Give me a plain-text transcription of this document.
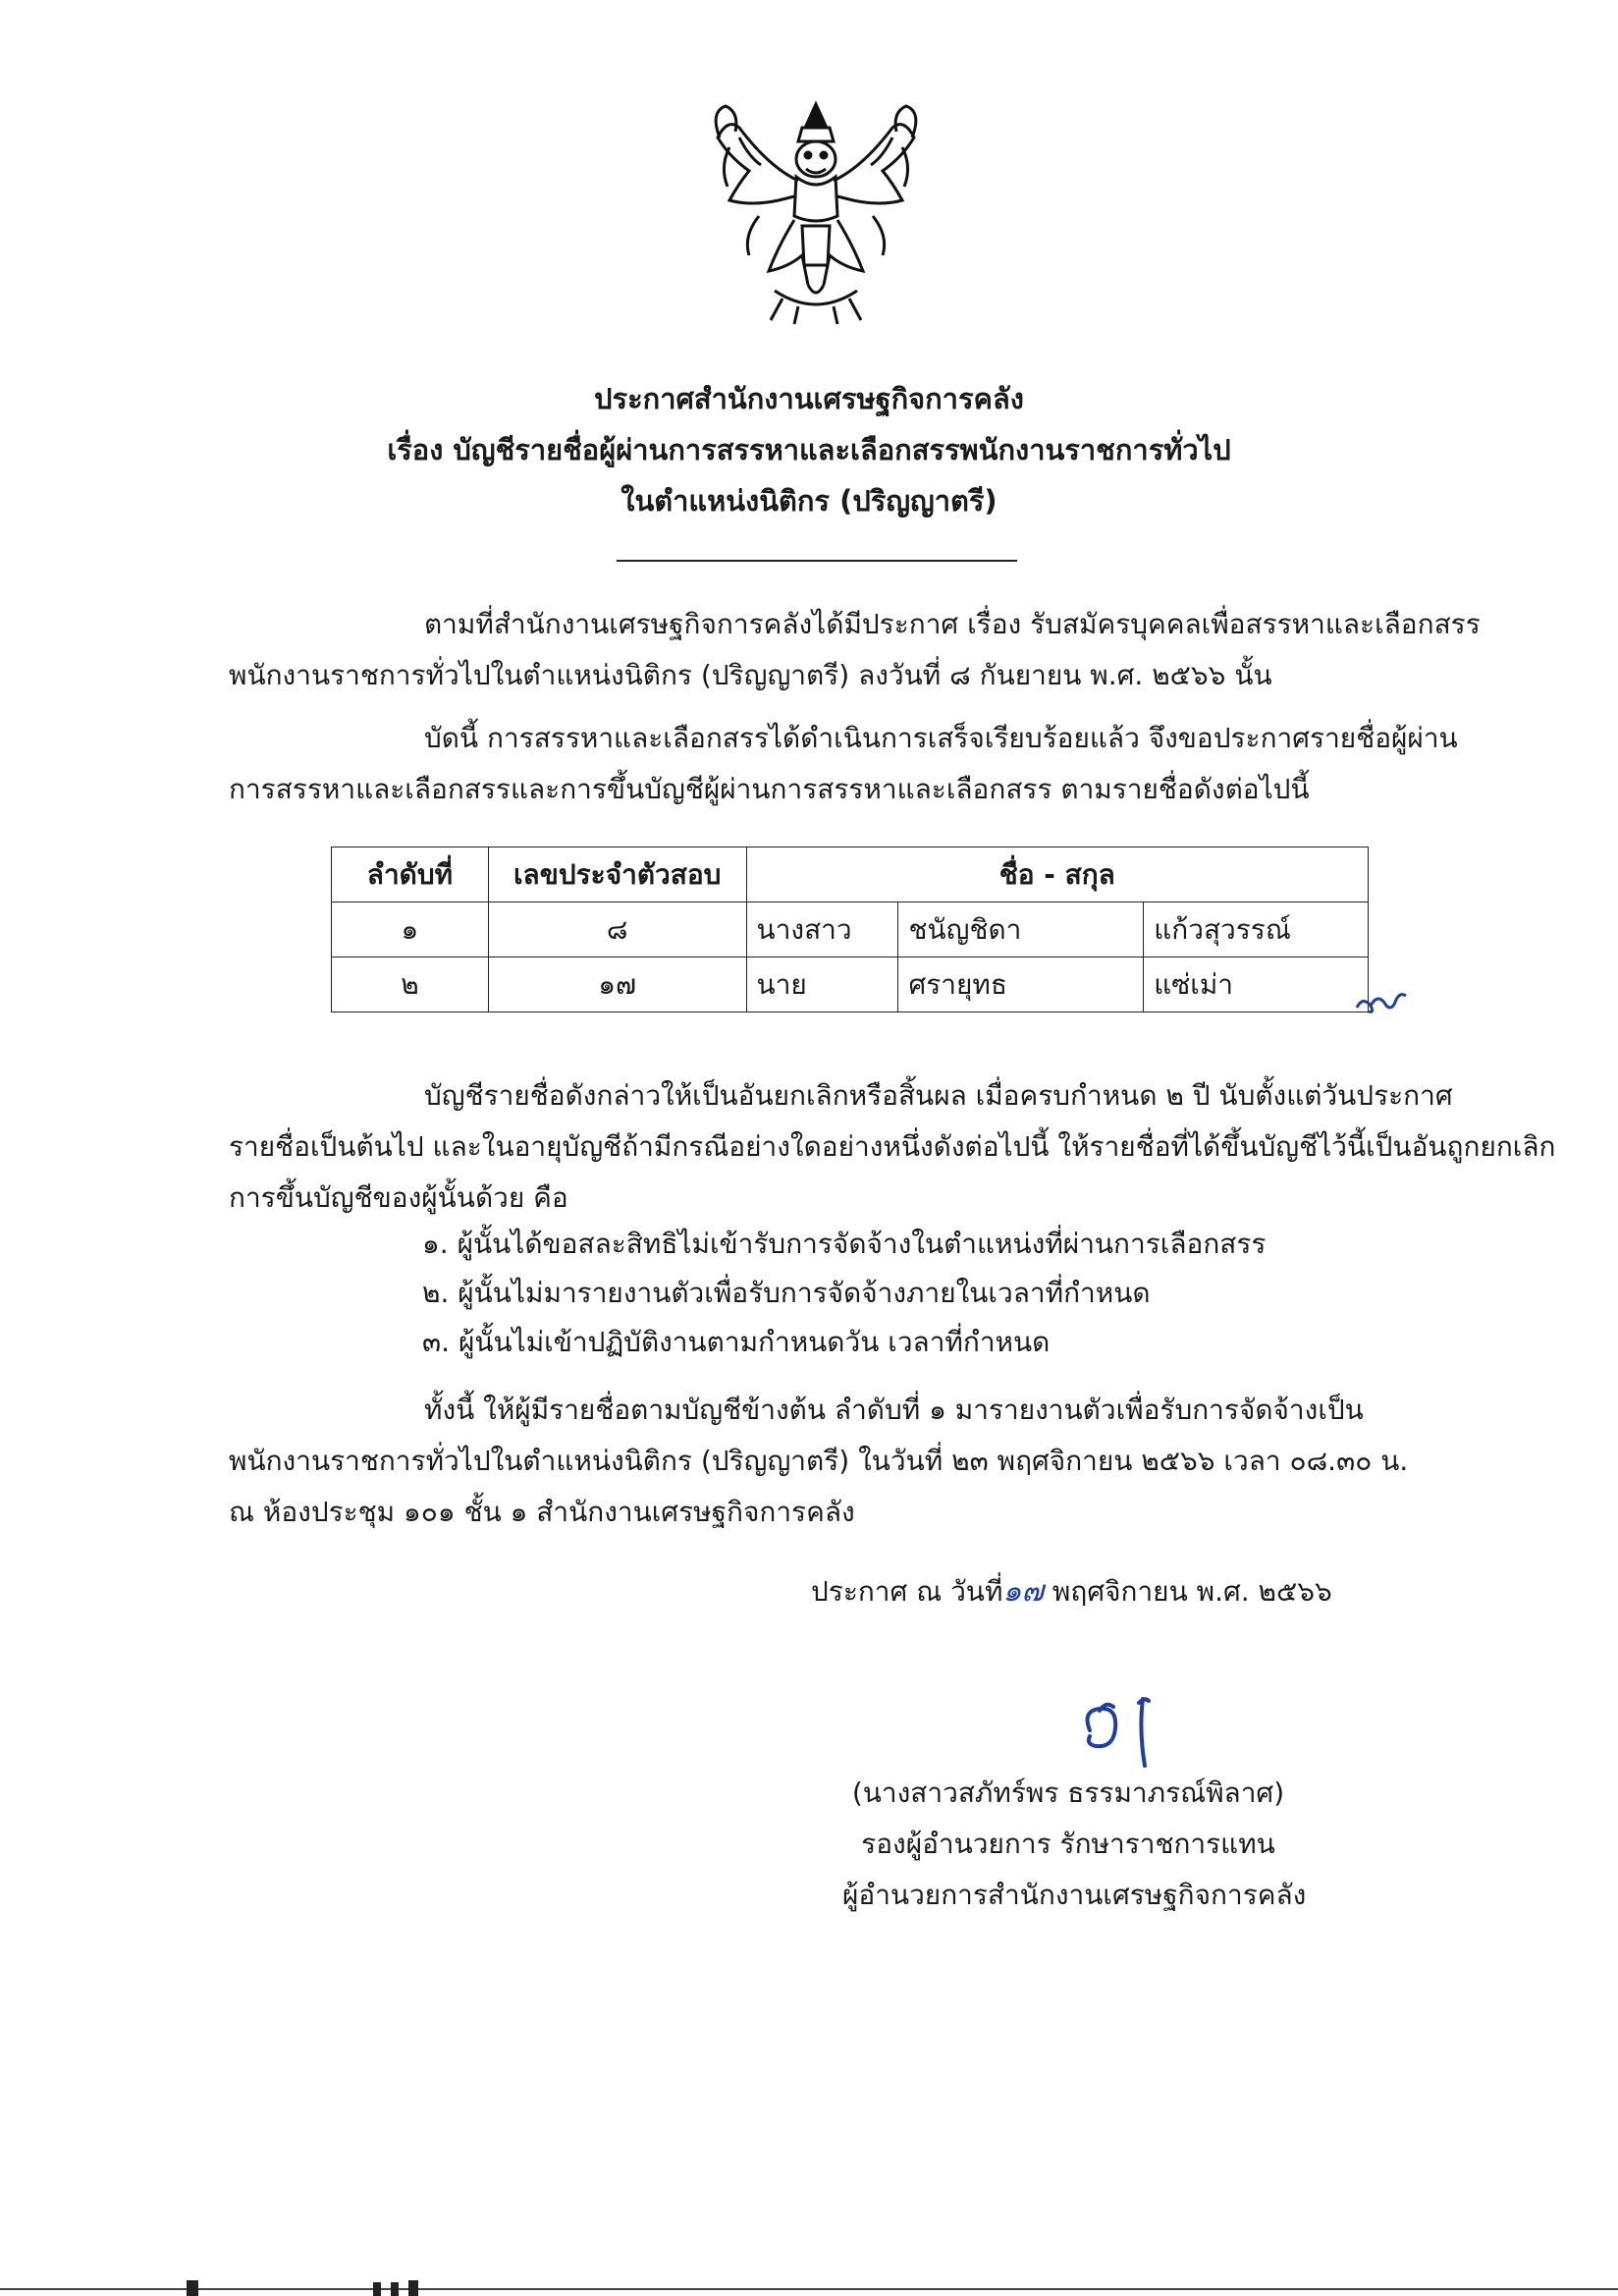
ประกาศสำนักงานเศรษฐกิจการคลัง
เรื่อง บัญชีรายชื่อผู้ผ่านการสรรหาและเลือกสรรพนักงานราชการทั่วไป
ในตำแหน่งนิติกร (ปริญญาตรี)
ตามที่สำนักงานเศรษฐกิจการคลังได้มีประกาศ เรื่อง รับสมัครบุคคลเพื่อสรรหาและเลือกสรร
พนักงานราชการทั่วไปในตำแหน่งนิติกร (ปริญญาตรี) ลงวันที่ ๘ กันยายน พ.ศ. ๒๕๖๖ นั้น
บัดนี้ การสรรหาและเลือกสรรได้ดำเนินการเสร็จเรียบร้อยแล้ว จึงขอประกาศรายชื่อผู้ผ่าน
การสรรหาและเลือกสรรและการขึ้นบัญชีผู้ผ่านการสรรหาและเลือกสรร ตามรายชื่อดังต่อไปนี้
ลำดับที่	เลขประจำตัวสอบ	ชื่อ - สกุล		
๑	๘	นางสาว	ชนัญชิดา	แก้วสุวรรณ์
๒	๑๗	นาย	ศรายุทธ	แซ่เม่า
บัญชีรายชื่อดังกล่าวให้เป็นอันยกเลิกหรือสิ้นผล เมื่อครบกำหนด ๒ ปี นับตั้งแต่วันประกาศ
รายชื่อเป็นต้นไป และในอายุบัญชีถ้ามีกรณีอย่างใดอย่างหนึ่งดังต่อไปนี้ ให้รายชื่อที่ได้ขึ้นบัญชีไว้นี้เป็นอันถูกยกเลิก
การขึ้นบัญชีของผู้นั้นด้วย คือ
๑. ผู้นั้นได้ขอสละสิทธิไม่เข้ารับการจัดจ้างในตำแหน่งที่ผ่านการเลือกสรร
๒. ผู้นั้นไม่มารายงานตัวเพื่อรับการจัดจ้างภายในเวลาที่กำหนด
๓. ผู้นั้นไม่เข้าปฏิบัติงานตามกำหนดวัน เวลาที่กำหนด
ทั้งนี้ ให้ผู้มีรายชื่อตามบัญชีข้างต้น ลำดับที่ ๑ มารายงานตัวเพื่อรับการจัดจ้างเป็น
พนักงานราชการทั่วไปในตำแหน่งนิติกร (ปริญญาตรี) ในวันที่ ๒๓ พฤศจิกายน ๒๕๖๖ เวลา ๐๘.๓๐ น.
ณ ห้องประชุม ๑๐๑ ชั้น ๑ สำนักงานเศรษฐกิจการคลัง
ประกาศ ณ วันที่๑๗ พฤศจิกายน พ.ศ. ๒๕๖๖
(นางสาวสภัทร์พร ธรรมาภรณ์พิลาศ)
รองผู้อำนวยการ รักษาราชการแทน
ผู้อำนวยการสำนักงานเศรษฐกิจการคลัง
